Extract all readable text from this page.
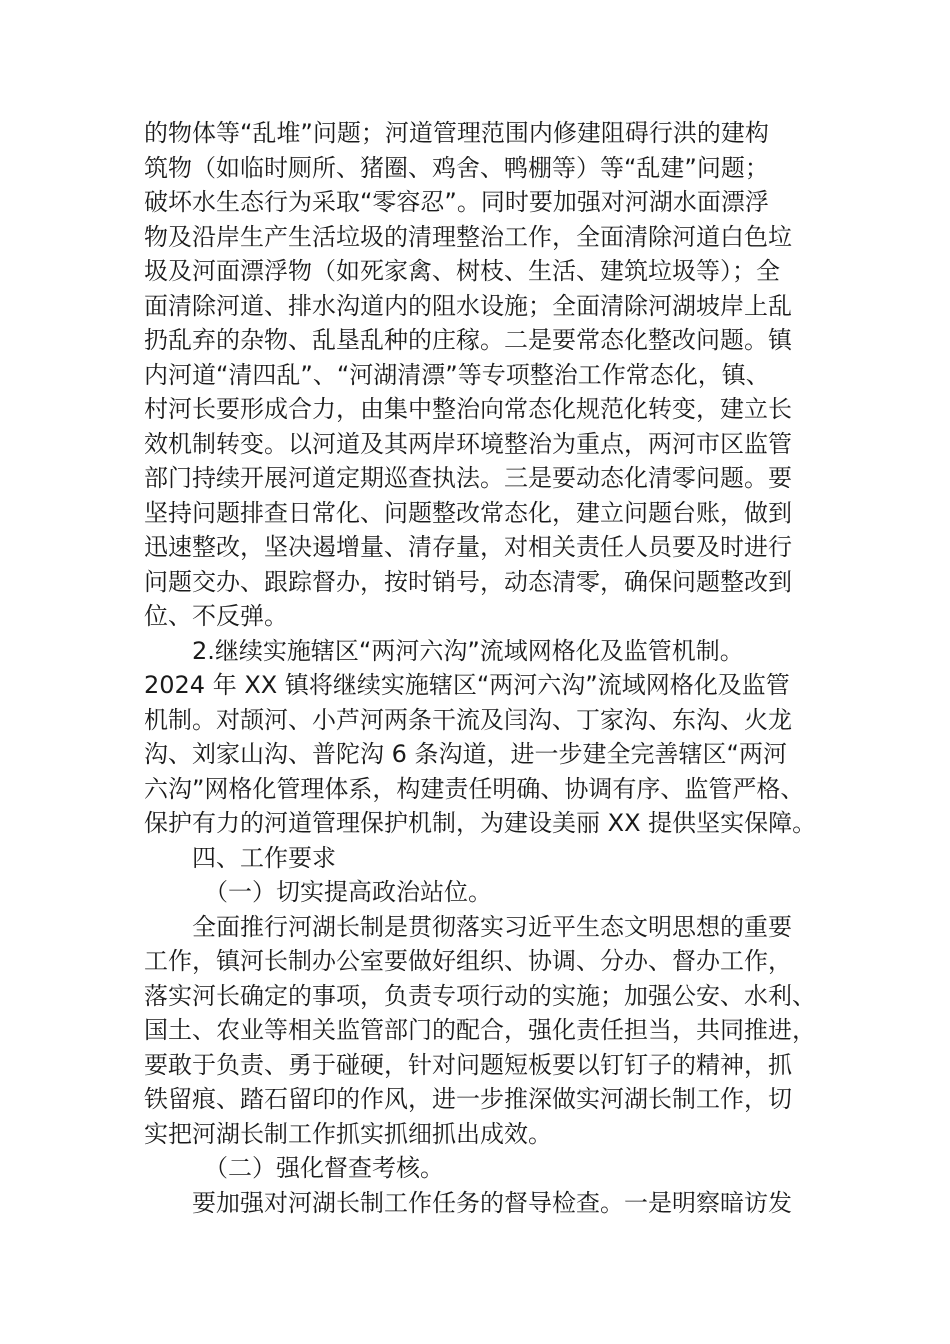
的物体等“乱堆”问题；河道管理范围内修建阻碍行洪的建构
筑物（如临时厕所、猪圈、鸡舍、鸭棚等）等“乱建”问题；
破坏水生态行为采取“零容忍”。同时要加强对河湖水面漂浮
物及沿岸生产生活垃圾的清理整治工作，全面清除河道白色垃
圾及河面漂浮物（如死家禽、树枝、生活、建筑垃圾等）；全
面清除河道、排水沟道内的阻水设施；全面清除河湖坡岸上乱
扔乱弃的杂物、乱垦乱种的庄稼。二是要常态化整改问题。镇
内河道“清四乱”、“河湖清漂”等专项整治工作常态化，镇、
村河长要形成合力，由集中整治向常态化规范化转变，建立长
效机制转变。以河道及其两岸环境整治为重点，两河市区监管
部门持续开展河道定期巡查执法。三是要动态化清零问题。要
坚持问题排查日常化、问题整改常态化，建立问题台账，做到
迅速整改，坚决遏增量、清存量，对相关责任人员要及时进行
问题交办、跟踪督办，按时销号，动态清零，确保问题整改到
位、不反弹。
2.继续实施辖区“两河六沟”流域网格化及监管机制。
2024 年 XX 镇将继续实施辖区“两河六沟”流域网格化及监管
机制。对颉河、小芦河两条干流及闫沟、丁家沟、东沟、火龙
沟、刘家山沟、普陀沟 6 条沟道，进一步建全完善辖区“两河
六沟”网格化管理体系，构建责任明确、协调有序、监管严格、
保护有力的河道管理保护机制，为建设美丽 XX 提供坚实保障。
四、工作要求
（一）切实提高政治站位。
全面推行河湖长制是贯彻落实习近平生态文明思想的重要
工作，镇河长制办公室要做好组织、协调、分办、督办工作，
落实河长确定的事项，负责专项行动的实施；加强公安、水利、
国土、农业等相关监管部门的配合，强化责任担当，共同推进，
要敢于负责、勇于碰硬，针对问题短板要以钉钉子的精神，抓
铁留痕、踏石留印的作风，进一步推深做实河湖长制工作，切
实把河湖长制工作抓实抓细抓出成效。
（二）强化督查考核。
要加强对河湖长制工作任务的督导检查。一是明察暗访发
